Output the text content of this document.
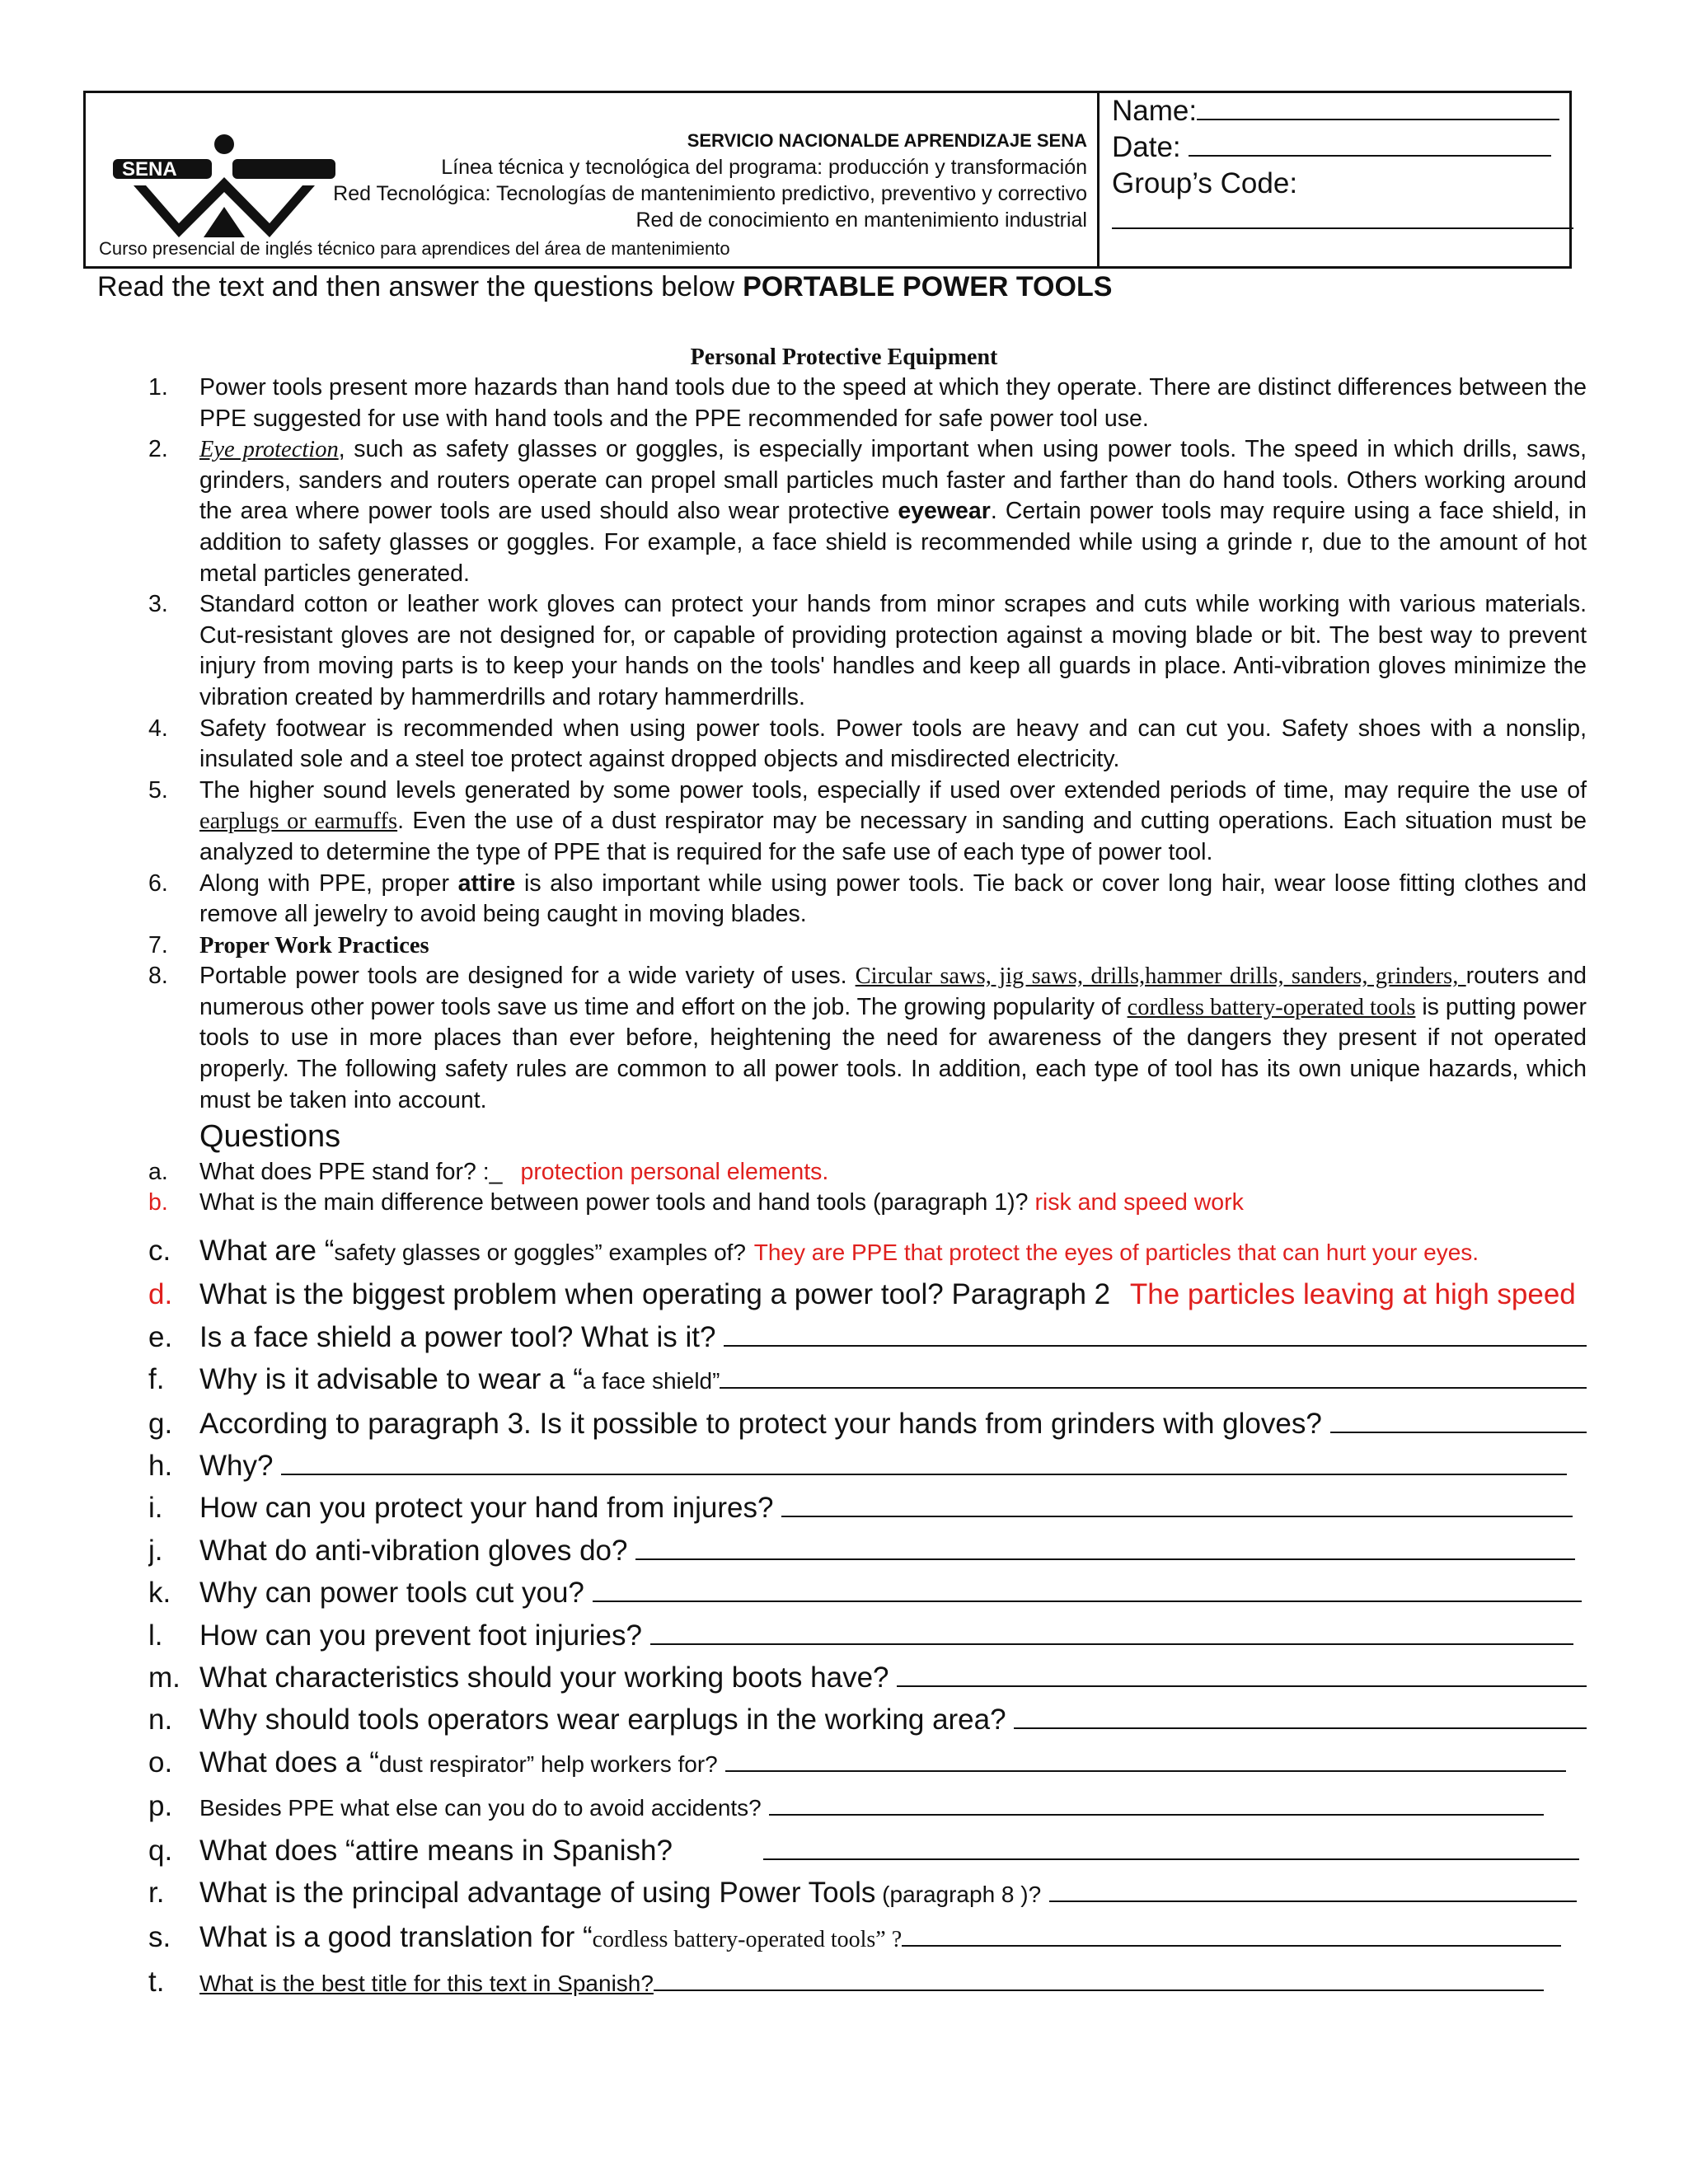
SENA
SERVICIO NACIONALDE APRENDIZAJE SENA
Línea técnica y tecnológica del programa: producción y transformación
Red Tecnológica: Tecnologías de mantenimiento predictivo, preventivo y correctivo
Red de conocimiento en mantenimiento industrial
Curso presencial de inglés técnico para aprendices del área de mantenimiento
Name:
Date:
Group’s Code:
Read the text and then answer the questions below PORTABLE POWER TOOLS
Personal Protective Equipment
1. Power tools present more hazards than hand tools due to the speed at which they operate. There are distinct differences between the PPE suggested for use with hand tools and the PPE recommended for safe power tool use.
2. Eye protection, such as safety glasses or goggles, is especially important when using power tools. The speed in which drills, saws, grinders, sanders and routers operate can propel small particles much faster and farther than do hand tools. Others working around the area where power tools are used should also wear protective eyewear. Certain power tools may require using a face shield, in addition to safety glasses or goggles. For example, a face shield is recommended while using a grinde r, due to the amount of hot metal particles generated.
3. Standard cotton or leather work gloves can protect your hands from minor scrapes and cuts while working with various materials. Cut-resistant gloves are not designed for, or capable of providing protection against a moving blade or bit. The best way to prevent injury from moving parts is to keep your hands on the tools' handles and keep all guards in place. Anti-vibration gloves minimize the vibration created by hammerdrills and rotary hammerdrills.
4. Safety footwear is recommended when using power tools. Power tools are heavy and can cut you. Safety shoes with a nonslip, insulated sole and a steel toe protect against dropped objects and misdirected electricity.
5. The higher sound levels generated by some power tools, especially if used over extended periods of time, may require the use of earplugs or earmuffs. Even the use of a dust respirator may be necessary in sanding and cutting operations. Each situation must be analyzed to determine the type of PPE that is required for the safe use of each type of power tool.
6. Along with PPE, proper attire is also important while using power tools. Tie back or cover long hair, wear loose fitting clothes and remove all jewelry to avoid being caught in moving blades.
7. Proper Work Practices
8. Portable power tools are designed for a wide variety of uses. Circular saws, jig saws, drills,hammer drills, sanders, grinders, routers and numerous other power tools save us time and effort on the job. The growing popularity of cordless battery-operated tools is putting power tools to use in more places than ever before, heightening the need for awareness of the dangers they present if not operated properly. The following safety rules are common to all power tools. In addition, each type of tool has its own unique hazards, which must be taken into account.
Questions
a. What does PPE stand for? :_ protection personal elements.
b. What is the main difference between power tools and hand tools (paragraph 1)? risk and speed work
c. What are “safety glasses or goggles” examples of? They are PPE that protect the eyes of particles that can hurt your eyes.
d. What is the biggest problem when operating a power tool? Paragraph 2 The particles leaving at high speed
e. Is a face shield a power tool? What is it?
f. Why is it advisable to wear a “a face shield”
g. According to paragraph 3. Is it possible to protect your hands from grinders with gloves?
h. Why?
i. How can you protect your hand from injures?
j. What do anti-vibration gloves do?
k. Why can power tools cut you?
l. How can you prevent foot injuries?
m. What characteristics should your working boots have?
n. Why should tools operators wear earplugs in the working area?
o. What does a “dust respirator” help workers for?
p. Besides PPE what else can you do to avoid accidents?
q. What does “attire means in Spanish?
r. What is the principal advantage of using Power Tools (paragraph 8 )?
s. What is a good translation for “cordless battery-operated tools” ?
t. What is the best title for this text in Spanish?
